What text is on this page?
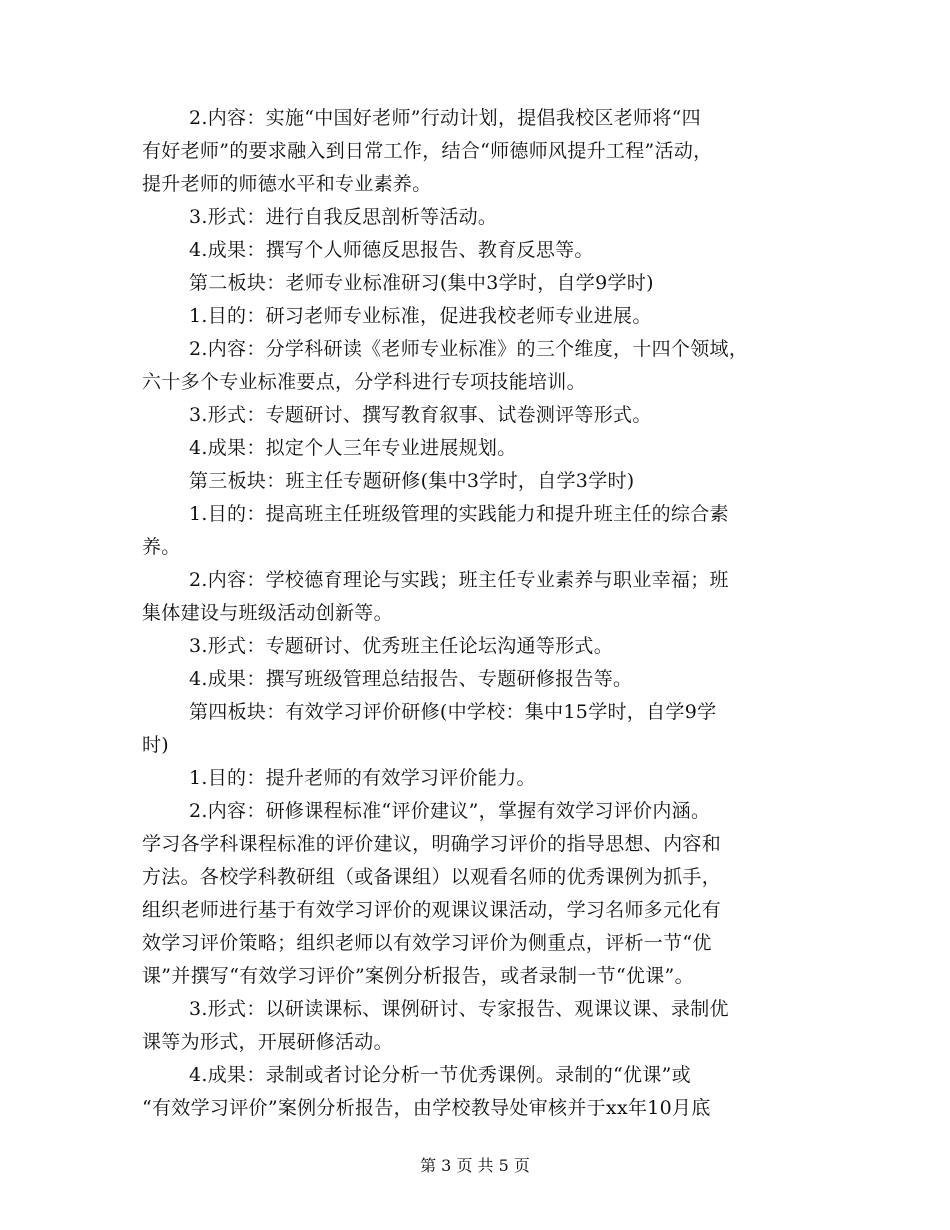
2.内容：实施“中国好老师”行动计划，提倡我校区老师将“四
有好老师”的要求融入到日常工作，结合“师德师风提升工程”活动，
提升老师的师德水平和专业素养。
3.形式：进行自我反思剖析等活动。
4.成果：撰写个人师德反思报告、教育反思等。
第二板块：老师专业标准研习(集中3学时，自学9学时)
1.目的：研习老师专业标准，促进我校老师专业进展。
2.内容：分学科研读《老师专业标准》的三个维度，十四个领域，
六十多个专业标准要点，分学科进行专项技能培训。
3.形式：专题研讨、撰写教育叙事、试卷测评等形式。
4.成果：拟定个人三年专业进展规划。
第三板块：班主任专题研修(集中3学时，自学3学时)
1.目的：提高班主任班级管理的实践能力和提升班主任的综合素
养。
2.内容：学校德育理论与实践；班主任专业素养与职业幸福；班
集体建设与班级活动创新等。
3.形式：专题研讨、优秀班主任论坛沟通等形式。
4.成果：撰写班级管理总结报告、专题研修报告等。
第四板块：有效学习评价研修(中学校：集中15学时，自学9学
时)
1.目的：提升老师的有效学习评价能力。
2.内容：研修课程标准“评价建议”，掌握有效学习评价内涵。
学习各学科课程标准的评价建议，明确学习评价的指导思想、内容和
方法。各校学科教研组（或备课组）以观看名师的优秀课例为抓手，
组织老师进行基于有效学习评价的观课议课活动，学习名师多元化有
效学习评价策略；组织老师以有效学习评价为侧重点，评析一节“优
课”并撰写“有效学习评价”案例分析报告，或者录制一节“优课”。
3.形式：以研读课标、课例研讨、专家报告、观课议课、录制优
课等为形式，开展研修活动。
4.成果：录制或者讨论分析一节优秀课例。录制的“优课”或
“有效学习评价”案例分析报告，由学校教导处审核并于xx年10月底
第 3 页 共 5 页
